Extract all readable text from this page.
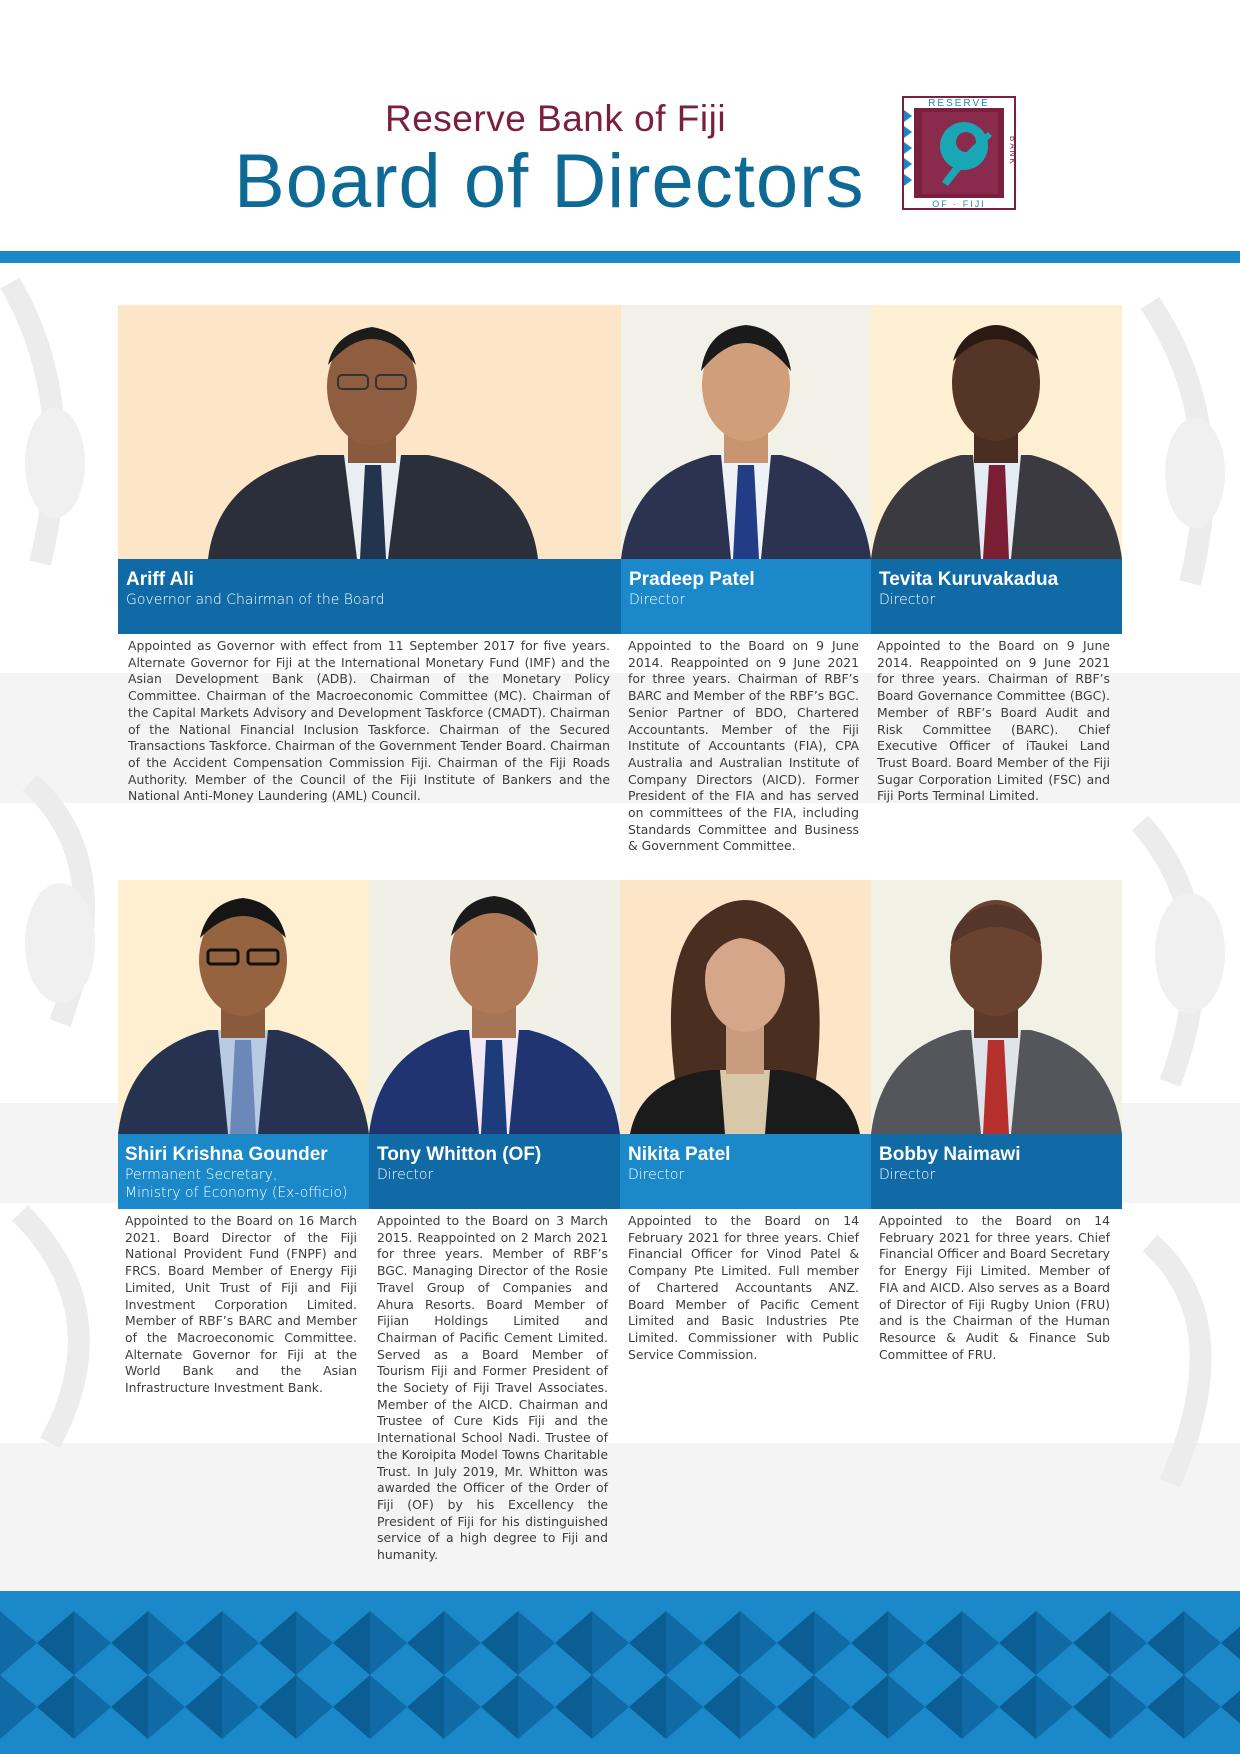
Reserve Bank of Fiji
Board of Directors
RESERVE
OF · FIJI
BANK
Ariff Ali
Governor and Chairman of the Board
Appointed as Governor with effect from 11 September 2017 for five years. Alternate Governor for Fiji at the International Monetary Fund (IMF) and the Asian Development Bank (ADB). Chairman of the Monetary Policy Committee. Chairman of the Macroeconomic Committee (MC). Chairman of the Capital Markets Advisory and Development Taskforce (CMADT). Chairman of the National Financial Inclusion Taskforce. Chairman of the Secured Transactions Taskforce. Chairman of the Government Tender Board. Chairman of the Accident Compensation Commission Fiji. Chairman of the Fiji Roads Authority. Member of the Council of the Fiji Institute of Bankers and the National Anti-Money Laundering (AML) Council.
Pradeep Patel
Director
Appointed to the Board on 9 June 2014. Reappointed on 9 June 2021 for three years. Chairman of RBF’s BARC and Member of the RBF’s BGC. Senior Partner of BDO, Chartered Accountants. Member of the Fiji Institute of Accountants (FIA), CPA Australia and Australian Institute of Company Directors (AICD). Former President of the FIA and has served on committees of the FIA, including Standards Committee and Business & Government Committee.
Tevita Kuruvakadua
Director
Appointed to the Board on 9 June 2014. Reappointed on 9 June 2021 for three years. Chairman of RBF’s Board Governance Committee (BGC). Member of RBF’s Board Audit and Risk Committee (BARC). Chief Executive Officer of iTaukei Land Trust Board. Board Member of the Fiji Sugar Corporation Limited (FSC) and Fiji Ports Terminal Limited.
Shiri Krishna Gounder
Permanent Secretary,
Ministry of Economy (Ex-officio)
Appointed to the Board on 16 March 2021. Board Director of the Fiji National Provident Fund (FNPF) and FRCS. Board Member of Energy Fiji Limited, Unit Trust of Fiji and Fiji Investment Corporation Limited. Member of RBF’s BARC and Member of the Macroeconomic Committee. Alternate Governor for Fiji at the World Bank and the Asian Infrastructure Investment Bank.
Tony Whitton (OF)
Director
Appointed to the Board on 3 March 2015. Reappointed on 2 March 2021 for three years. Member of RBF’s BGC. Managing Director of the Rosie Travel Group of Companies and Ahura Resorts. Board Member of Fijian Holdings Limited and Chairman of Pacific Cement Limited. Served as a Board Member of Tourism Fiji and Former President of the Society of Fiji Travel Associates. Member of the AICD. Chairman and Trustee of Cure Kids Fiji and the International School Nadi. Trustee of the Koroipita Model Towns Charitable Trust. In July 2019, Mr. Whitton was awarded the Officer of the Order of Fiji (OF) by his Excellency the President of Fiji for his distinguished service of a high degree to Fiji and humanity.
Nikita Patel
Director
Appointed to the Board on 14 February 2021 for three years. Chief Financial Officer for Vinod Patel & Company Pte Limited. Full member of Chartered Accountants ANZ. Board Member of Pacific Cement Limited and Basic Industries Pte Limited. Commissioner with Public Service Commission.
Bobby Naimawi
Director
Appointed to the Board on 14 February 2021 for three years. Chief Financial Officer and Board Secretary for Energy Fiji Limited. Member of FIA and AICD. Also serves as a Board of Director of Fiji Rugby Union (FRU) and is the Chairman of the Human Resource & Audit & Finance Sub Committee of FRU.
